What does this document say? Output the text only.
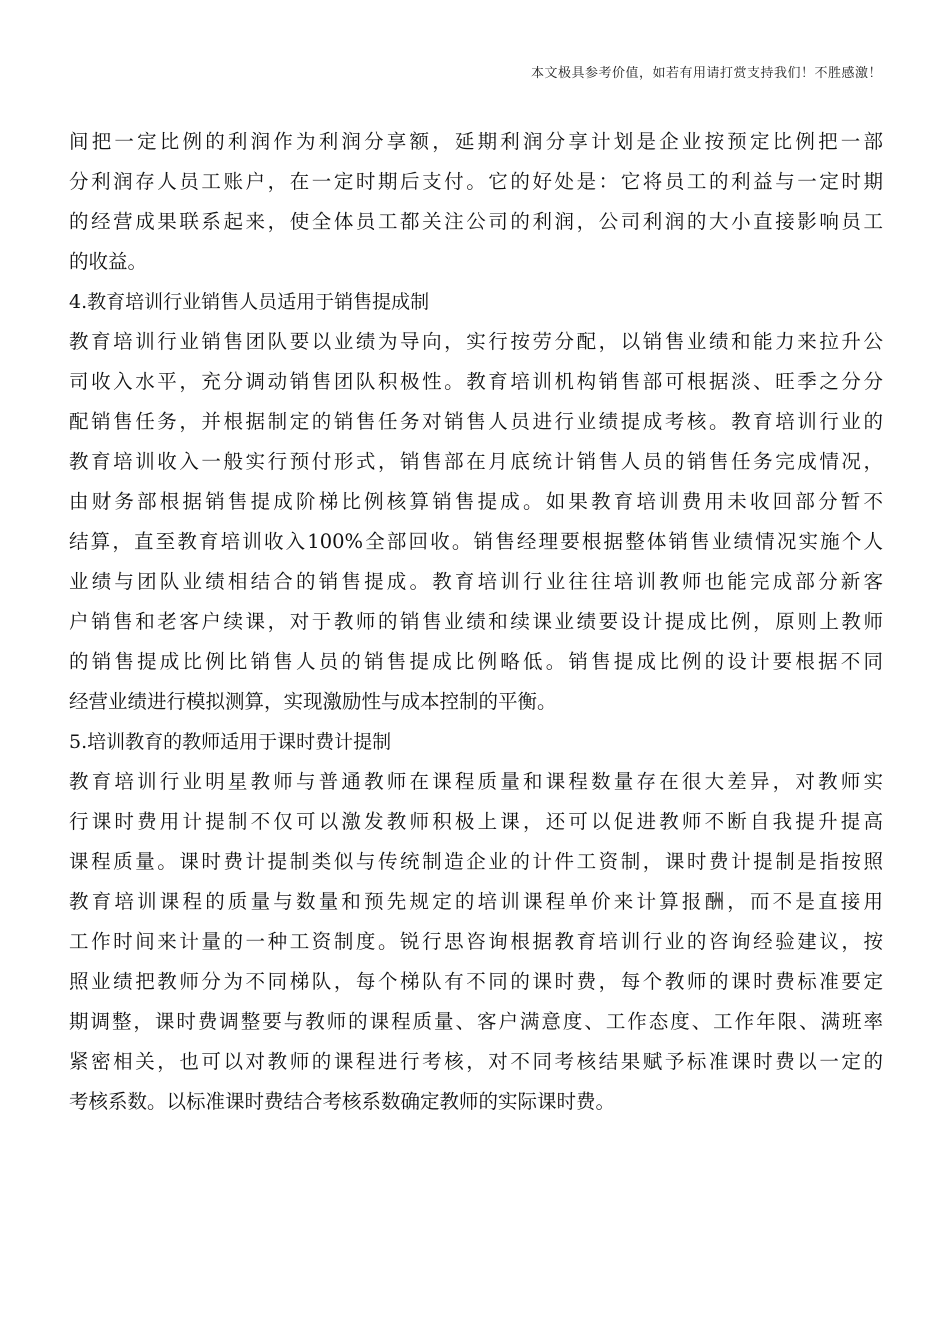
本文极具参考价值，如若有用请打赏支持我们！不胜感激！
间把一定比例的利润作为利润分享额，延期利润分享计划是企业按预定比例把一部
分利润存人员工账户，在一定时期后支付。它的好处是：它将员工的利益与一定时期
的经营成果联系起来，使全体员工都关注公司的利润，公司利润的大小直接影响员工
的收益。
4.教育培训行业销售人员适用于销售提成制
教育培训行业销售团队要以业绩为导向，实行按劳分配，以销售业绩和能力来拉升公
司收入水平，充分调动销售团队积极性。教育培训机构销售部可根据淡、旺季之分分
配销售任务，并根据制定的销售任务对销售人员进行业绩提成考核。教育培训行业的
教育培训收入一般实行预付形式，销售部在月底统计销售人员的销售任务完成情况，
由财务部根据销售提成阶梯比例核算销售提成。如果教育培训费用未收回部分暂不
结算，直至教育培训收入100%全部回收。销售经理要根据整体销售业绩情况实施个人
业绩与团队业绩相结合的销售提成。教育培训行业往往培训教师也能完成部分新客
户销售和老客户续课，对于教师的销售业绩和续课业绩要设计提成比例，原则上教师
的销售提成比例比销售人员的销售提成比例略低。销售提成比例的设计要根据不同
经营业绩进行模拟测算，实现激励性与成本控制的平衡。
5.培训教育的教师适用于课时费计提制
教育培训行业明星教师与普通教师在课程质量和课程数量存在很大差异，对教师实
行课时费用计提制不仅可以激发教师积极上课，还可以促进教师不断自我提升提高
课程质量。课时费计提制类似与传统制造企业的计件工资制，课时费计提制是指按照
教育培训课程的质量与数量和预先规定的培训课程单价来计算报酬，而不是直接用
工作时间来计量的一种工资制度。锐行思咨询根据教育培训行业的咨询经验建议，按
照业绩把教师分为不同梯队，每个梯队有不同的课时费，每个教师的课时费标准要定
期调整，课时费调整要与教师的课程质量、客户满意度、工作态度、工作年限、满班率
紧密相关，也可以对教师的课程进行考核，对不同考核结果赋予标准课时费以一定的
考核系数。以标准课时费结合考核系数确定教师的实际课时费。
